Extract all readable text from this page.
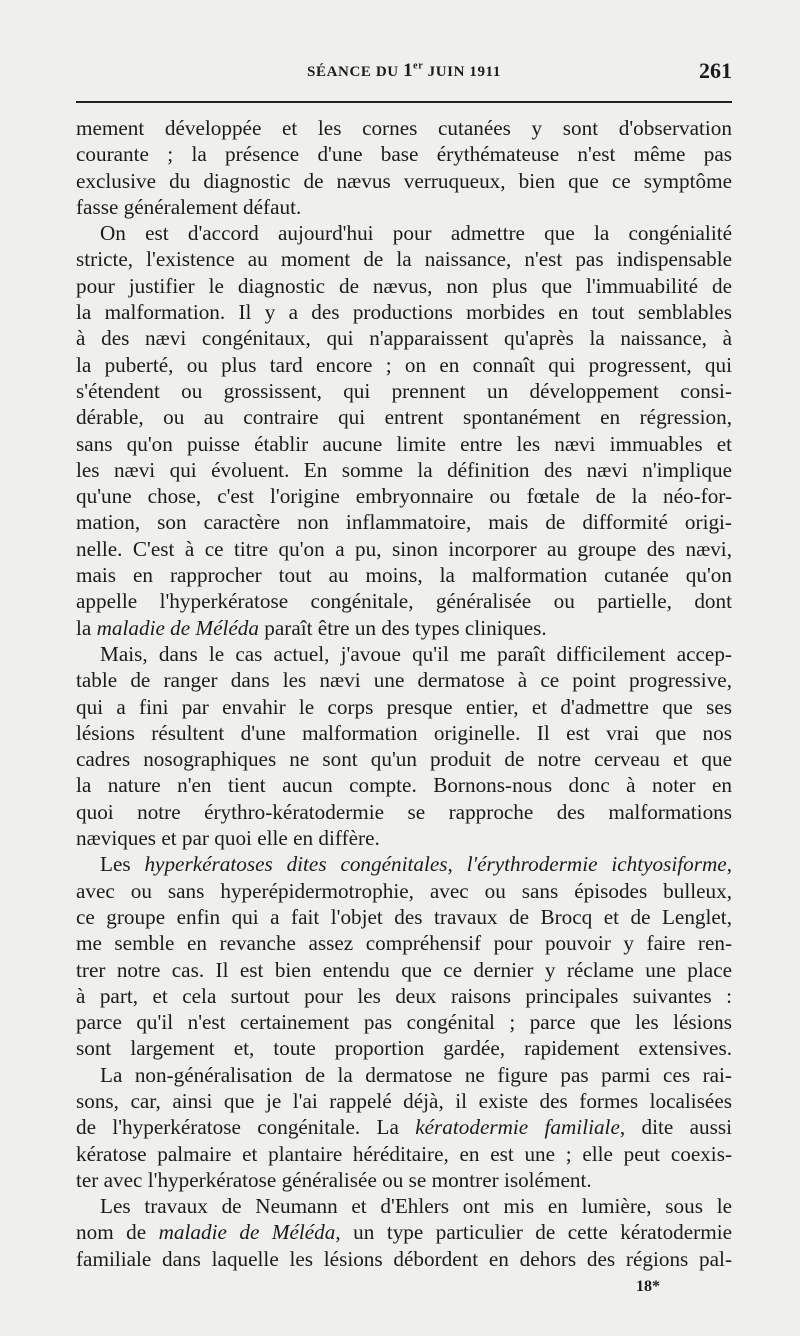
SÉANCE DU 1er JUIN 1911	261
mement développée et les cornes cutanées y sont d'observation
courante ; la présence d'une base érythémateuse n'est même pas
exclusive du diagnostic de nævus verruqueux, bien que ce symptôme
fasse généralement défaut.
On est d'accord aujourd'hui pour admettre que la congénialité
stricte, l'existence au moment de la naissance, n'est pas indispensable
pour justifier le diagnostic de nævus, non plus que l'immuabilité de
la malformation. Il y a des productions morbides en tout semblables
à des nævi congénitaux, qui n'apparaissent qu'après la naissance, à
la puberté, ou plus tard encore ; on en connaît qui progressent, qui
s'étendent ou grossissent, qui prennent un développement consi-
dérable, ou au contraire qui entrent spontanément en régression,
sans qu'on puisse établir aucune limite entre les nævi immuables et
les nævi qui évoluent. En somme la définition des nævi n'implique
qu'une chose, c'est l'origine embryonnaire ou fœtale de la néo-for-
mation, son caractère non inflammatoire, mais de difformité origi-
nelle. C'est à ce titre qu'on a pu, sinon incorporer au groupe des nævi,
mais en rapprocher tout au moins, la malformation cutanée qu'on
appelle l'hyperkératose congénitale, généralisée ou partielle, dont
la maladie de Méléda paraît être un des types cliniques.
Mais, dans le cas actuel, j'avoue qu'il me paraît difficilement accep-
table de ranger dans les nævi une dermatose à ce point progressive,
qui a fini par envahir le corps presque entier, et d'admettre que ses
lésions résultent d'une malformation originelle. Il est vrai que nos
cadres nosographiques ne sont qu'un produit de notre cerveau et que
la nature n'en tient aucun compte. Bornons-nous donc à noter en
quoi notre érythro-kératodermie se rapproche des malformations
næviques et par quoi elle en diffère.
Les hyperkératoses dites congénitales, l'érythrodermie ichtyosiforme,
avec ou sans hyperépidermotrophie, avec ou sans épisodes bulleux,
ce groupe enfin qui a fait l'objet des travaux de Brocq et de Lenglet,
me semble en revanche assez compréhensif pour pouvoir y faire ren-
trer notre cas. Il est bien entendu que ce dernier y réclame une place
à part, et cela surtout pour les deux raisons principales suivantes :
parce qu'il n'est certainement pas congénital ; parce que les lésions
sont largement et, toute proportion gardée, rapidement extensives.
La non-généralisation de la dermatose ne figure pas parmi ces rai-
sons, car, ainsi que je l'ai rappelé déjà, il existe des formes localisées
de l'hyperkératose congénitale. La kératodermie familiale, dite aussi
kératose palmaire et plantaire héréditaire, en est une ; elle peut coexis-
ter avec l'hyperkératose généralisée ou se montrer isolément.
Les travaux de Neumann et d'Ehlers ont mis en lumière, sous le
nom de maladie de Méléda, un type particulier de cette kératodermie
familiale dans laquelle les lésions débordent en dehors des régions pal-
18*
